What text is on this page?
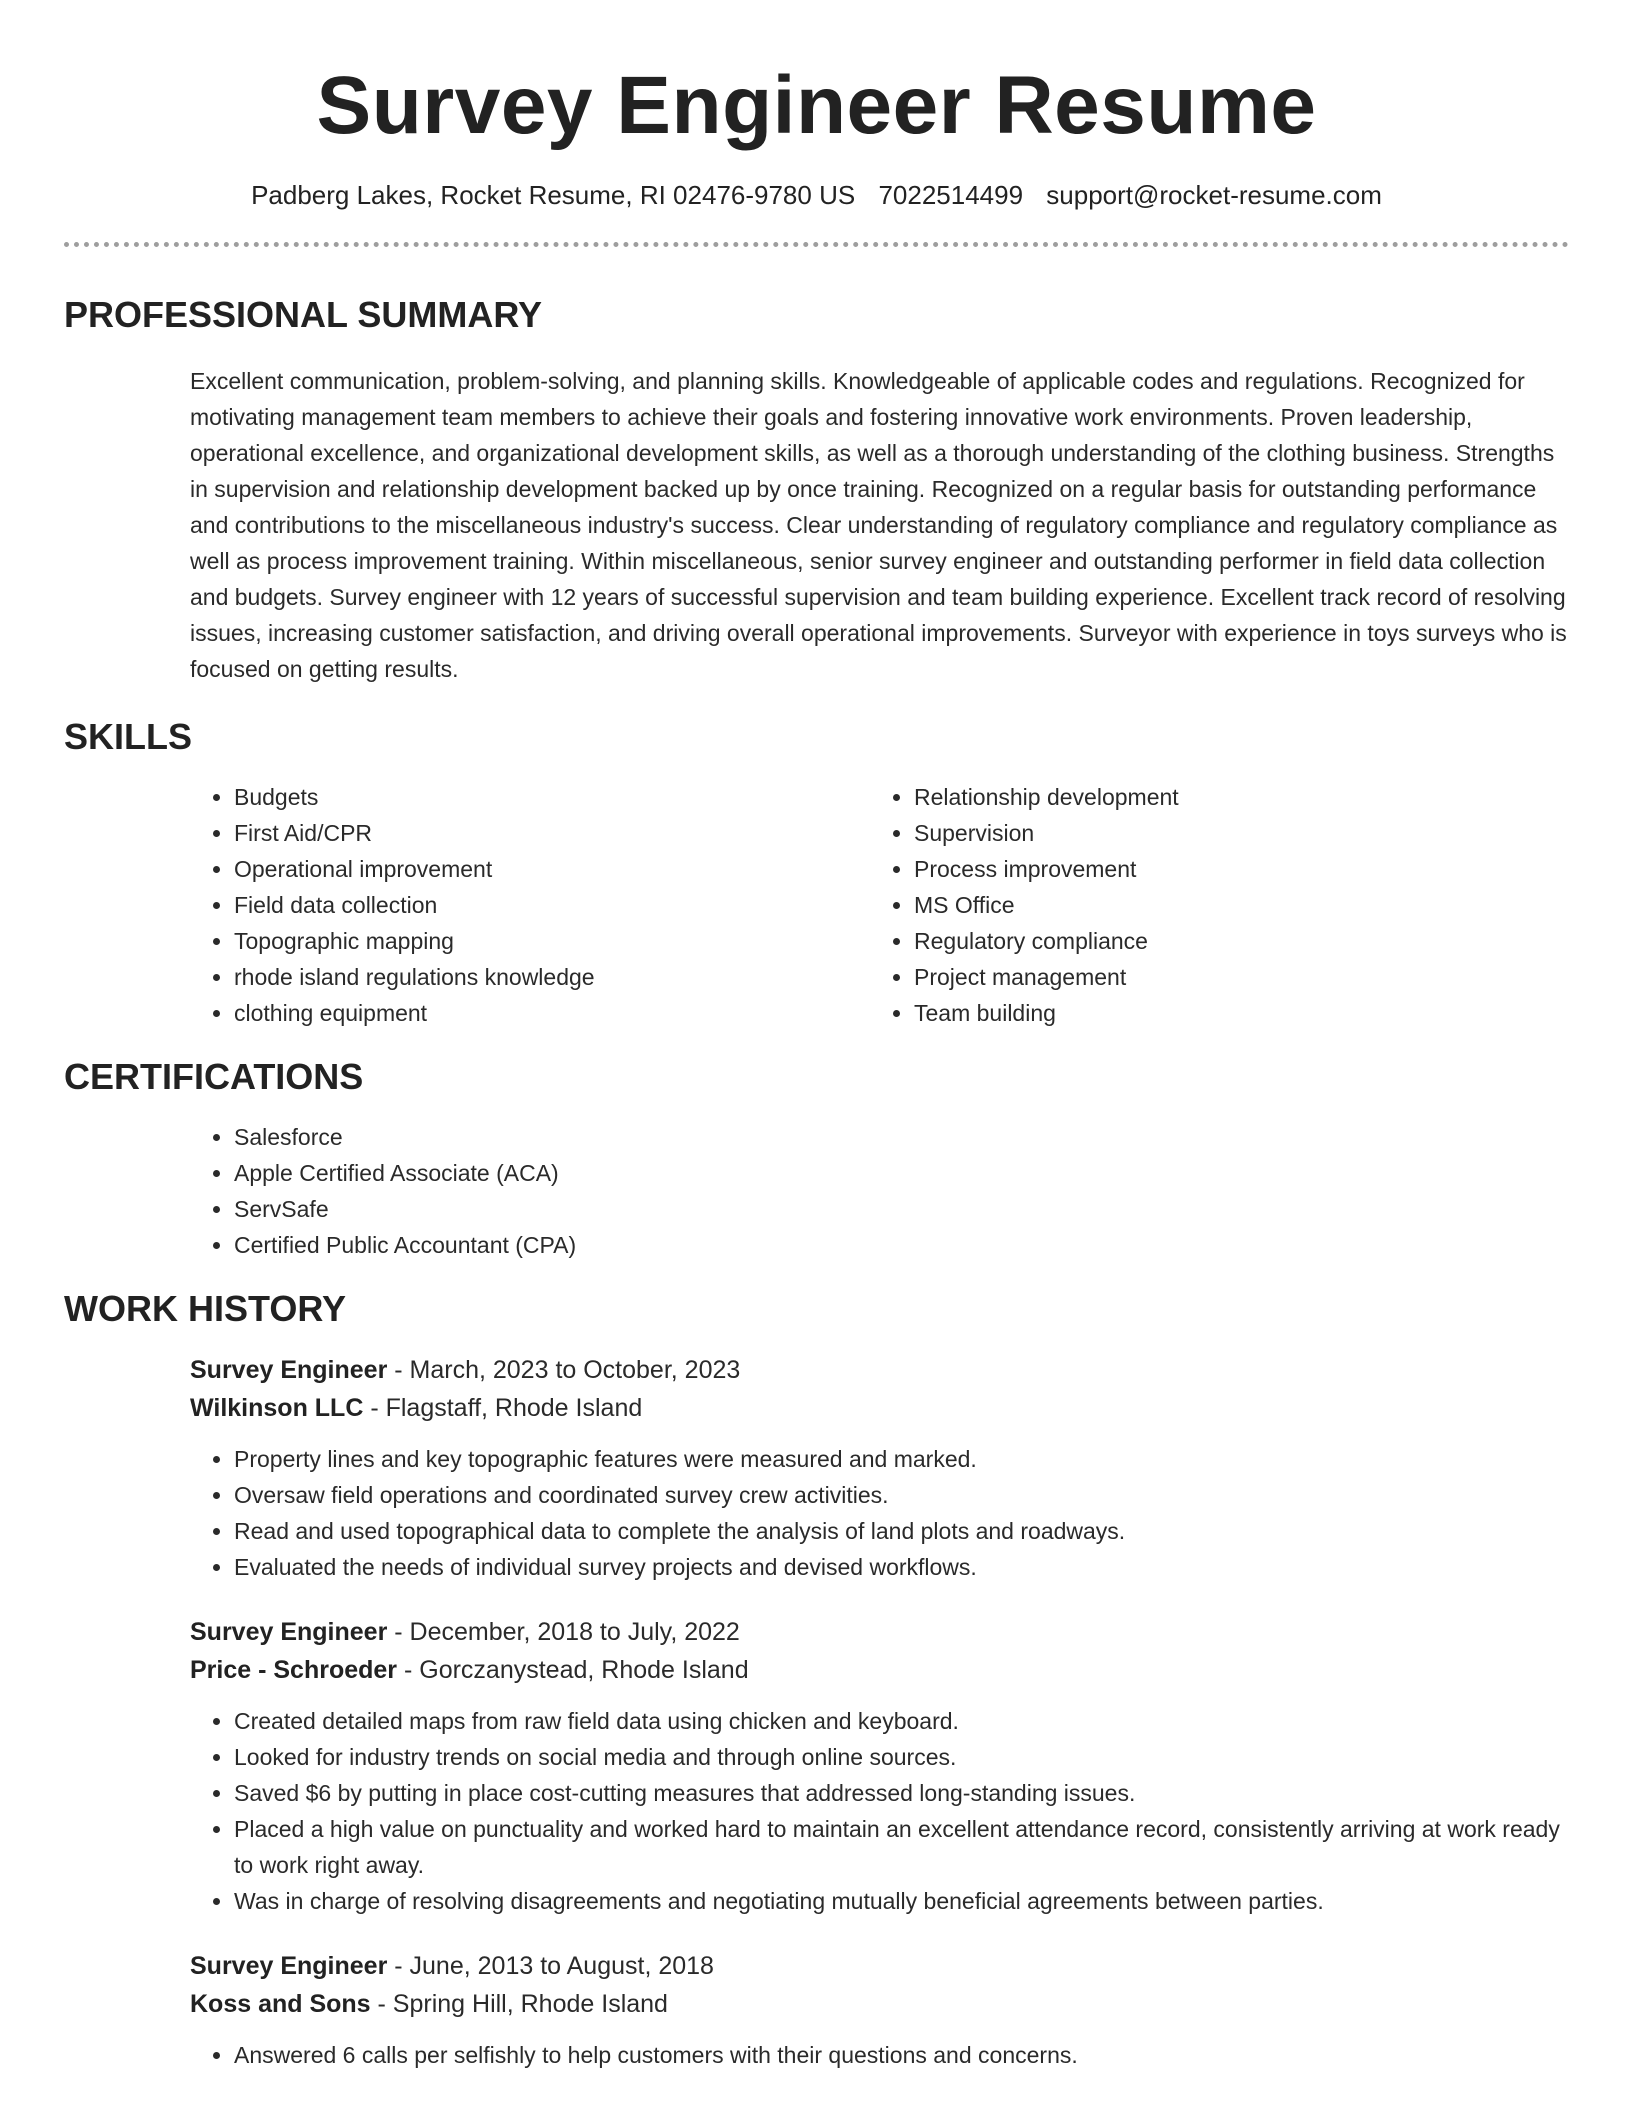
Survey Engineer Resume
Padberg Lakes, Rocket Resume, RI 02476-9780 US 7022514499 support@rocket-resume.com
PROFESSIONAL SUMMARY

Excellent communication, problem-solving, and planning skills. Knowledgeable of applicable codes and regulations. Recognized for motivating management team members to achieve their goals and fostering innovative work environments. Proven leadership, operational excellence, and organizational development skills, as well as a thorough understanding of the clothing business. Strengths in supervision and relationship development backed up by once training. Recognized on a regular basis for outstanding performance and contributions to the miscellaneous industry's success. Clear understanding of regulatory compliance and regulatory compliance as well as process improvement training. Within miscellaneous, senior survey engineer and outstanding performer in field data collection and budgets. Survey engineer with 12 years of successful supervision and team building experience. Excellent track record of resolving issues, increasing customer satisfaction, and driving overall operational improvements. Surveyor with experience in toys surveys who is focused on getting results.

SKILLS
• Budgets
• First Aid/CPR
• Operational improvement
• Field data collection
• Topographic mapping
• rhode island regulations knowledge
• clothing equipment
• Relationship development
• Supervision
• Process improvement
• MS Office
• Regulatory compliance
• Project management
• Team building
CERTIFICATIONS
• Salesforce
• Apple Certified Associate (ACA)
• ServSafe
• Certified Public Accountant (CPA)
WORK HISTORY
Survey Engineer - March, 2023 to October, 2023
Wilkinson LLC - Flagstaff, Rhode Island
• Property lines and key topographic features were measured and marked.
• Oversaw field operations and coordinated survey crew activities.
• Read and used topographical data to complete the analysis of land plots and roadways.
• Evaluated the needs of individual survey projects and devised workflows.
Survey Engineer - December, 2018 to July, 2022
Price - Schroeder - Gorczanystead, Rhode Island
• Created detailed maps from raw field data using chicken and keyboard.
• Looked for industry trends on social media and through online sources.
• Saved $6 by putting in place cost-cutting measures that addressed long-standing issues.
• Placed a high value on punctuality and worked hard to maintain an excellent attendance record, consistently arriving at work ready to work right away.
• Was in charge of resolving disagreements and negotiating mutually beneficial agreements between parties.
Survey Engineer - June, 2013 to August, 2018
Koss and Sons - Spring Hill, Rhode Island
• Answered 6 calls per selfishly to help customers with their questions and concerns.
